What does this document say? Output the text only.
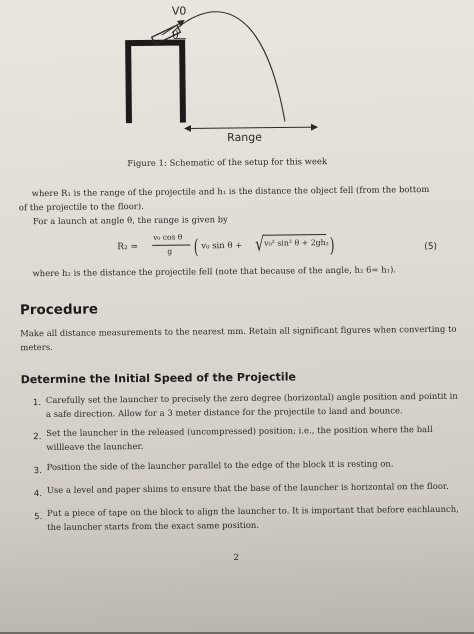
V0
θ
Range
Figure 1: Schematic of the setup for this week
where R₁ is the range of the projectile and h₁ is the distance the object fell (from the bottom
of the projectile to the floor).
For a launch at angle θ, the range is given by
R₂ =
v₀ cos θ
g ( v₀ sin θ + √ v₀² sin² θ + 2gh₂ )	(5)
where h₂ is the distance the projectile fell (note that because of the angle, h₂ 6= h₁).
Procedure
Make all distance measurements to the nearest mm. Retain all significant figures when converting to
meters.
Determine the Initial Speed of the Projectile
1. Carefully set the launcher to precisely the zero degree (horizontal) angle position and pointit in
a safe direction. Allow for a 3 meter distance for the projectile to land and bounce.
2. Set the launcher in the released (uncompressed) position; i.e., the position where the ball
willleave the launcher.
3. Position the side of the launcher parallel to the edge of the block it is resting on.
4. Use a level and paper shims to ensure that the base of the launcher is horizontal on the floor.
5. Put a piece of tape on the block to align the launcher to. It is important that before eachlaunch,
the launcher starts from the exact same position.
2
